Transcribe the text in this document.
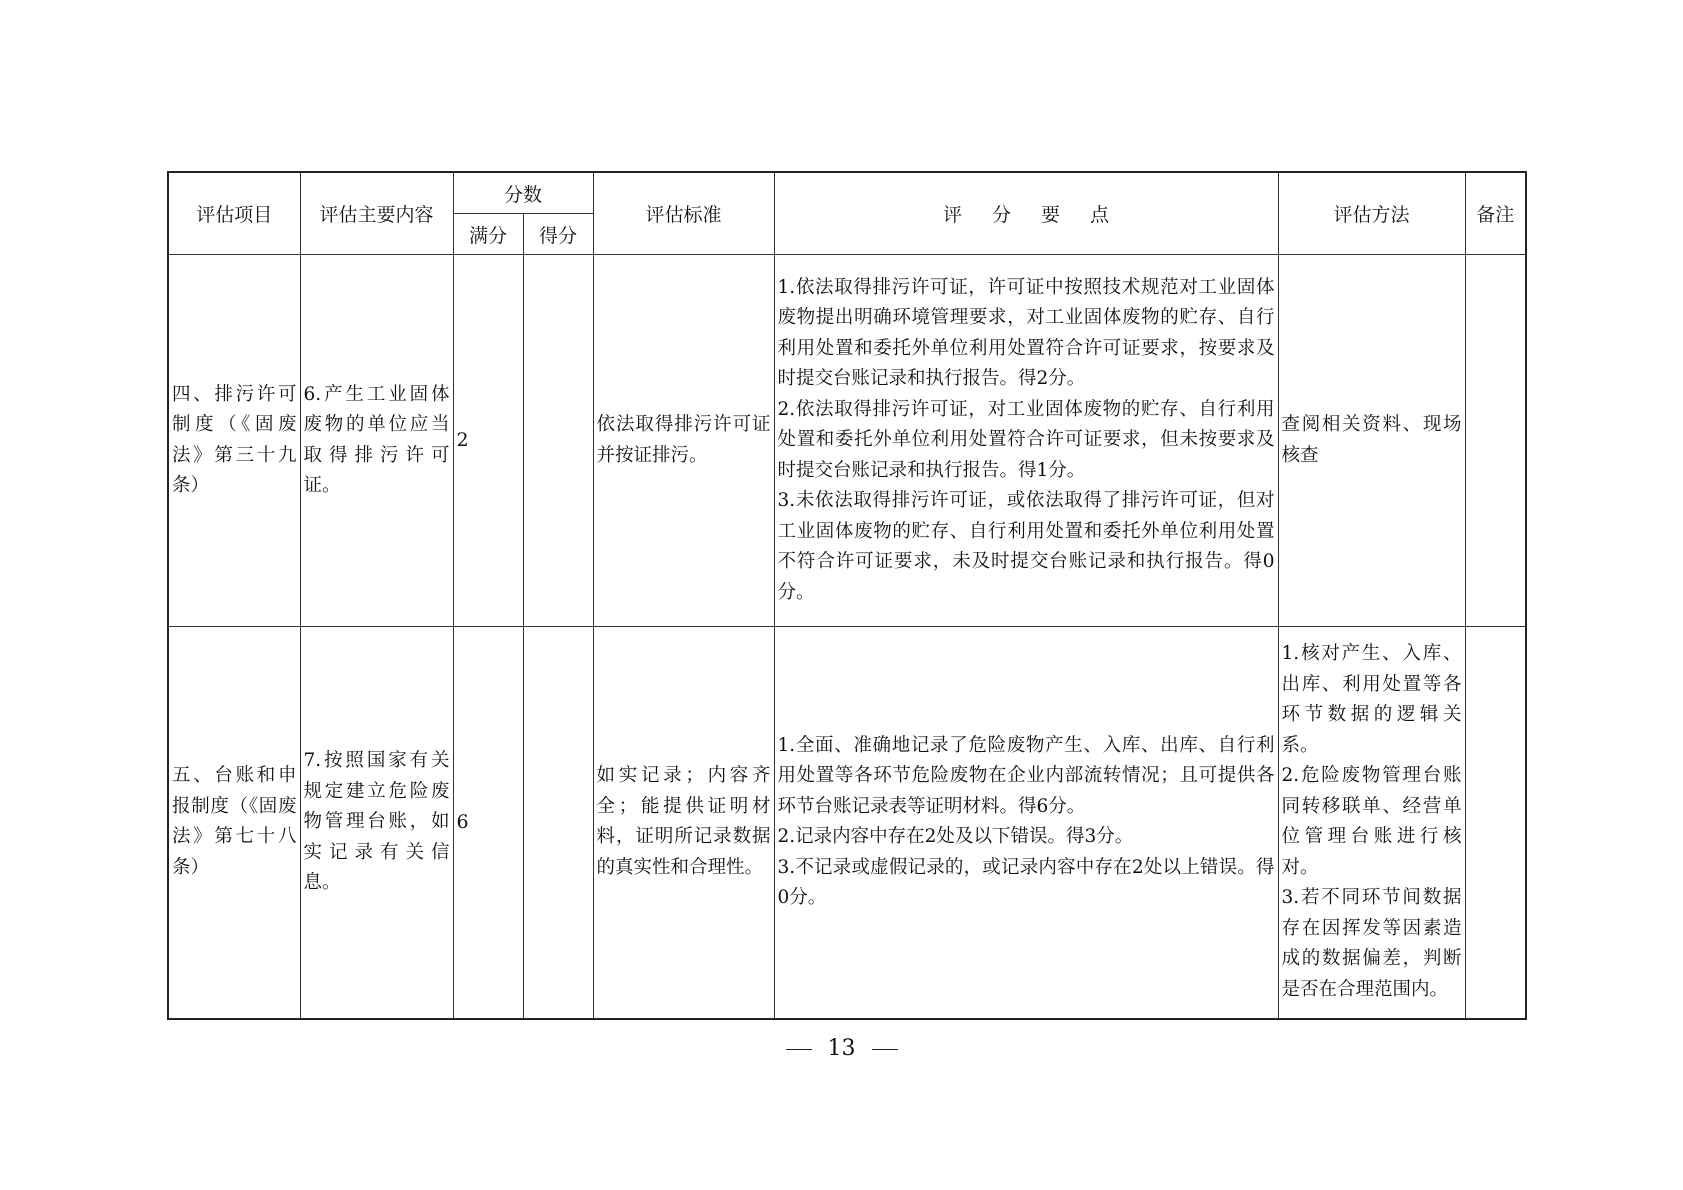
评估项目	评估主要内容	分数		评估标准	评分要点	评估方法	备注
		满分	得分				
四、排污许可制度（《固废法》第三十九条）	6.产生工业固体废物的单位应当取得排污许可证。	2		依法取得排污许可证并按证排污。	1.依法取得排污许可证，许可证中按照技术规范对工业固体废物提出明确环境管理要求，对工业固体废物的贮存、自行利用处置和委托外单位利用处置符合许可证要求，按要求及时提交台账记录和执行报告。得2分。
2.依法取得排污许可证，对工业固体废物的贮存、自行利用处置和委托外单位利用处置符合许可证要求，但未按要求及时提交台账记录和执行报告。得1分。
3.未依法取得排污许可证，或依法取得了排污许可证，但对工业固体废物的贮存、自行利用处置和委托外单位利用处置不符合许可证要求，未及时提交台账记录和执行报告。得0分。	查阅相关资料、现场核查	

五、台账和申报制度（《固废法》第七十八条）	7.按照国家有关规定建立危险废物管理台账，如实记录有关信息。	6		如实记录；内容齐全；能提供证明材料，证明所记录数据的真实性和合理性。	1.全面、准确地记录了危险废物产生、入库、出库、自行利用处置等各环节危险废物在企业内部流转情况；且可提供各环节台账记录表等证明材料。得6分。
2.记录内容中存在2处及以下错误。得3分。
3.不记录或虚假记录的，或记录内容中存在2处以上错误。得0分。	1.核对产生、入库、出库、利用处置等各环节数据的逻辑关系。
2.危险废物管理台账同转移联单、经营单位管理台账进行核对。
3.若不同环节间数据存在因挥发等因素造成的数据偏差，判断是否在合理范围内。	

13
